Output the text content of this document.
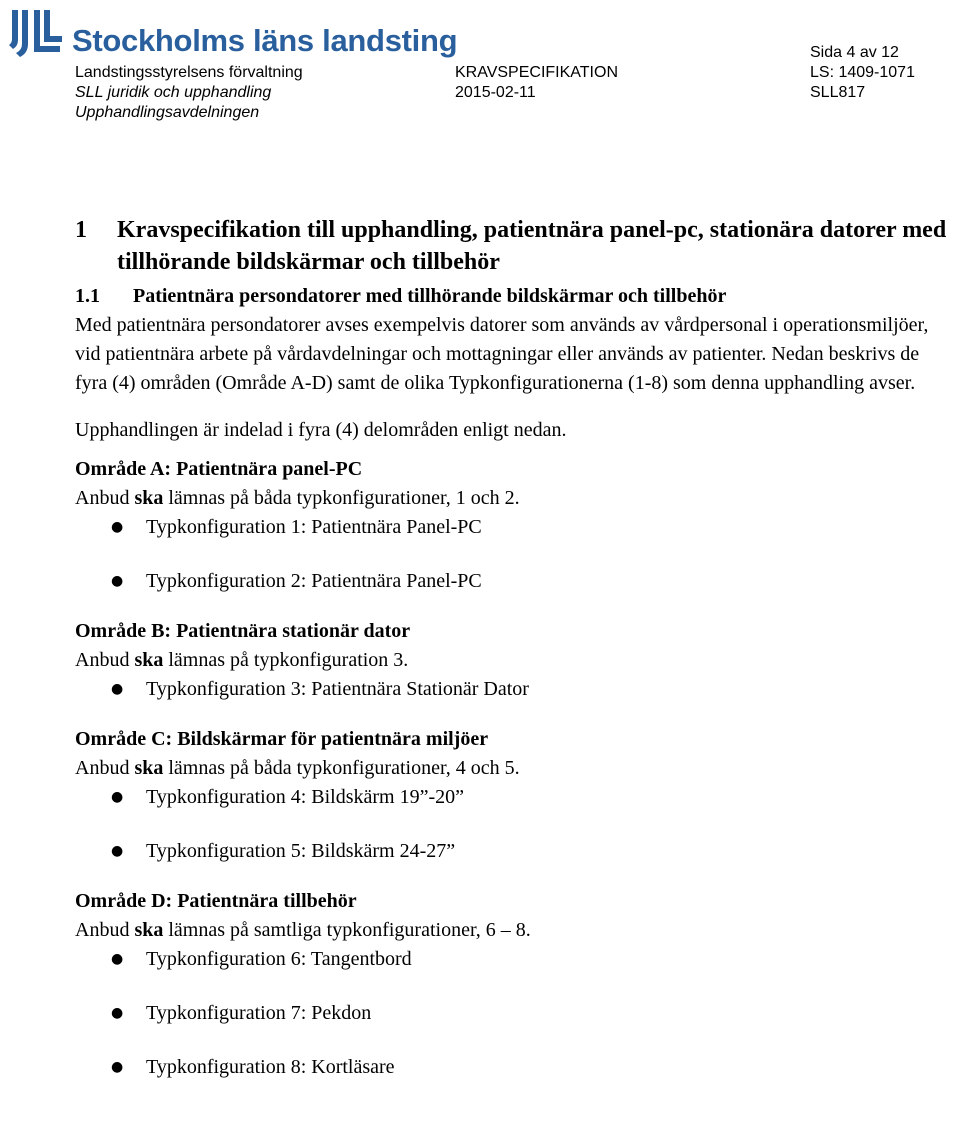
Stockholms läns landsting
Landstingsstyrelsens förvaltning
SLL juridik och upphandling
Upphandlingsavdelningen
KRAVSPECIFIKATION
2015-02-11
Sida 4 av 12
LS: 1409-1071
SLL817
1	Kravspecifikation till upphandling, patientnära panel-pc, stationära datorer med tillhörande bildskärmar och tillbehör
1.1	Patientnära persondatorer med tillhörande bildskärmar och tillbehör

Med patientnära persondatorer avses exempelvis datorer som används av vårdpersonal i operationsmiljöer, vid patientnära arbete på vårdavdelningar och mottagningar eller används av patienter. Nedan beskrivs de fyra (4) områden (Område A-D) samt de olika Typkonfigurationerna (1-8) som denna upphandling avser.

Upphandlingen är indelad i fyra (4) delområden enligt nedan.

Område A: Patientnära panel-PC

Anbud ska lämnas på båda typkonfigurationer, 1 och 2.

● Typkonfiguration 1: Patientnära Panel-PC
● Typkonfiguration 2: Patientnära Panel-PC

Område B: Patientnära stationär dator

Anbud ska lämnas på typkonfiguration 3.

● Typkonfiguration 3: Patientnära Stationär Dator

Område C: Bildskärmar för patientnära miljöer

Anbud ska lämnas på båda typkonfigurationer, 4 och 5.

● Typkonfiguration 4: Bildskärm 19”-20”
● Typkonfiguration 5: Bildskärm 24-27”

Område D: Patientnära tillbehör

Anbud ska lämnas på samtliga typkonfigurationer, 6 – 8.

● Typkonfiguration 6: Tangentbord
● Typkonfiguration 7: Pekdon
● Typkonfiguration 8: Kortläsare
